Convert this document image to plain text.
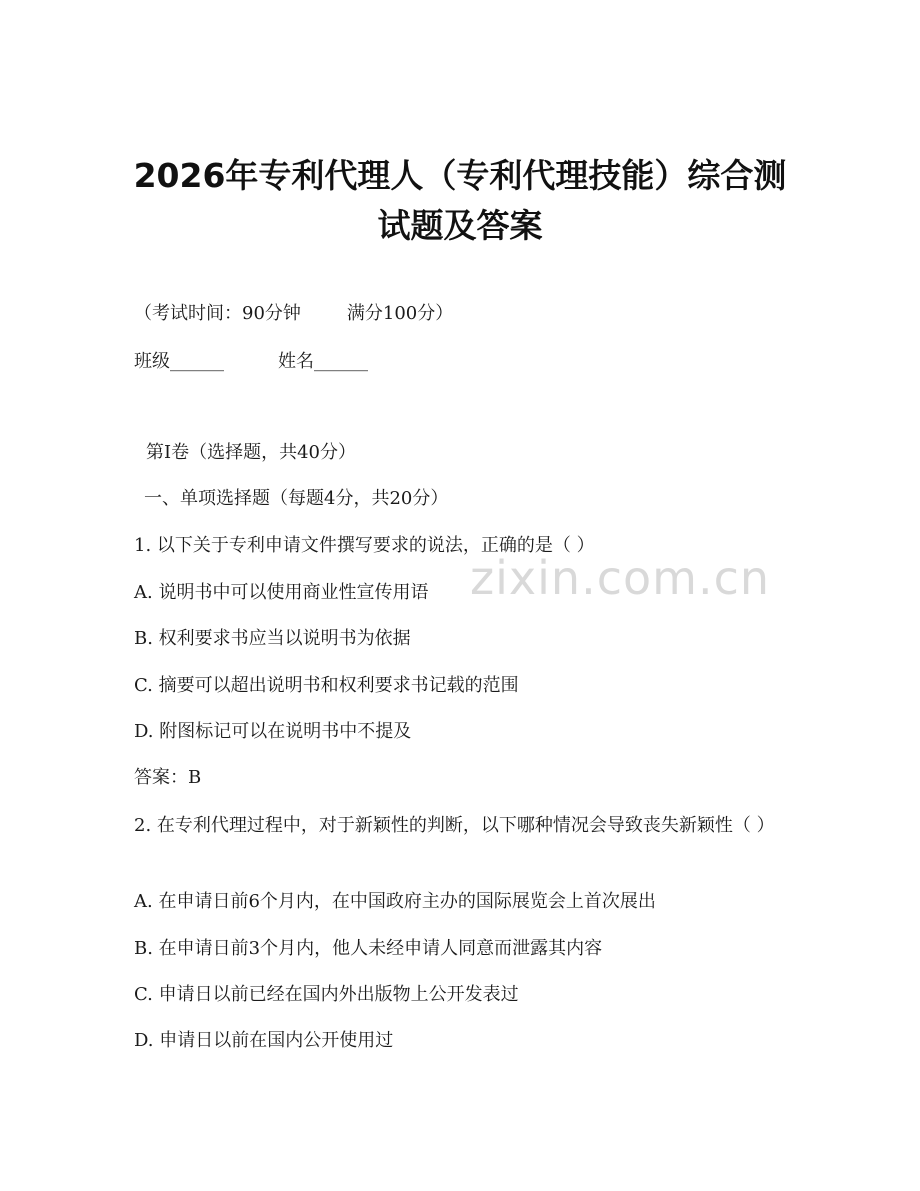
2026年专利代理人（专利代理技能）综合测
试题及答案

（考试时间：90分钟	满分100分）

班级______	姓名______

第Ⅰ卷（选择题，共40分）

一、单项选择题（每题4分，共20分）

1. 以下关于专利申请文件撰写要求的说法，正确的是（ ）

A. 说明书中可以使用商业性宣传用语

B. 权利要求书应当以说明书为依据

C. 摘要可以超出说明书和权利要求书记载的范围

D. 附图标记可以在说明书中不提及

答案：B

2. 在专利代理过程中，对于新颖性的判断，以下哪种情况会导致丧失新颖性（ ）

A. 在申请日前6个月内，在中国政府主办的国际展览会上首次展出

B. 在申请日前3个月内，他人未经申请人同意而泄露其内容

C. 申请日以前已经在国内外出版物上公开发表过

D. 申请日以前在国内公开使用过

zixin.com.cn
